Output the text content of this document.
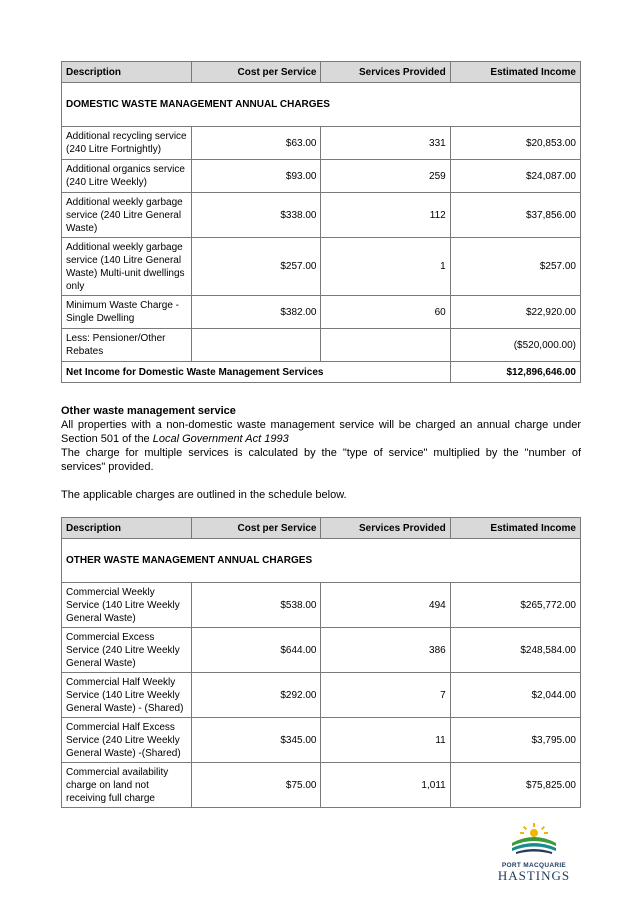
Description	Cost per Service	Services Provided	Estimated Income
DOMESTIC WASTE MANAGEMENT ANNUAL CHARGES			
Additional recycling service (240 Litre Fortnightly)	$63.00	331	$20,853.00
Additional organics service (240 Litre Weekly)	$93.00	259	$24,087.00
Additional weekly garbage service (240 Litre General Waste)	$338.00	112	$37,856.00
Additional weekly garbage service (140 Litre General Waste) Multi-unit dwellings only	$257.00	1	$257.00
Minimum Waste Charge - Single Dwelling	$382.00	60	$22,920.00
Less: Pensioner/Other Rebates			($520,000.00)
Net Income for Domestic Waste Management Services			$12,896,646.00
Other waste management service
All properties with a non-domestic waste management service will be charged an annual charge under Section 501 of the Local Government Act 1993
The charge for multiple services is calculated by the "type of service" multiplied by the "number of services" provided.
The applicable charges are outlined in the schedule below.
Description	Cost per Service	Services Provided	Estimated Income
OTHER WASTE MANAGEMENT ANNUAL CHARGES			
Commercial Weekly Service (140 Litre Weekly General Waste)	$538.00	494	$265,772.00
Commercial Excess Service (240 Litre Weekly General Waste)	$644.00	386	$248,584.00
Commercial Half Weekly Service (140 Litre Weekly General Waste) - (Shared)	$292.00	7	$2,044.00
Commercial Half Excess Service (240 Litre Weekly General Waste) -(Shared)	$345.00	11	$3,795.00
Commercial availability charge on land not receiving full charge	$75.00	1,011	$75,825.00
PORT MACQUARIE
HASTINGS
